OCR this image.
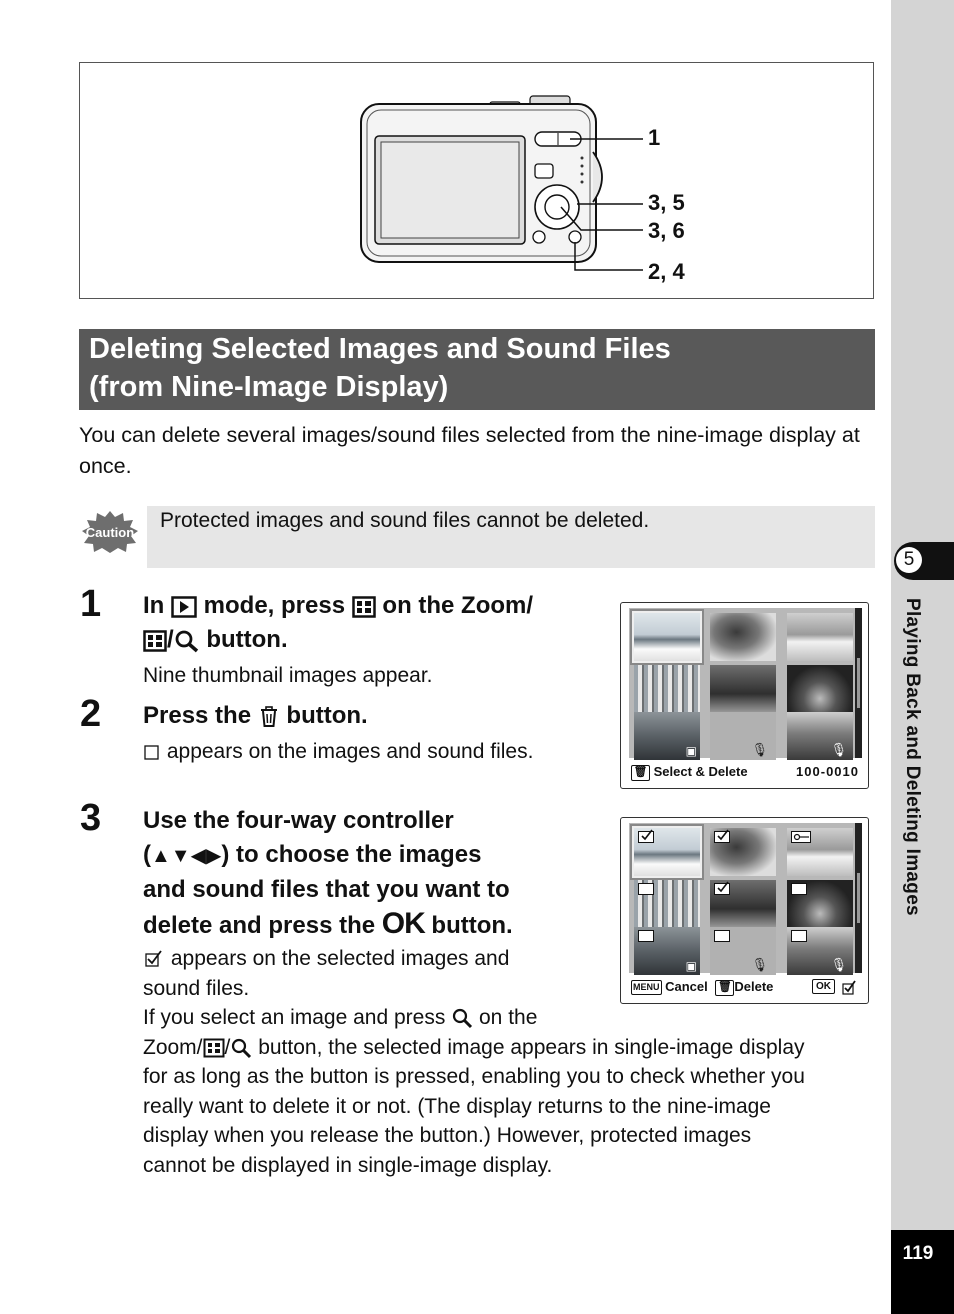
5
Playing Back and Deleting Images
119
1
3, 5
3, 6
2, 4
Deleting Selected Images and Sound Files
(from Nine-Image Display)
You can delete several images/sound files selected from the nine-image display at once.
Caution
Protected images and sound files cannot be deleted.
1 In  mode, press  on the Zoom/
/ button.
Nine thumbnail images appear.
2 Press the  button.
appears on the images and sound files.
3 Use the four-way controller
(▲▼◀▶) to choose the images
and sound files that you want to
delete and press the OK button.
appears on the selected images and
sound files.
If you select an image and press  on the
Zoom/ / button, the selected image appears in single-image display
for as long as the button is pressed, enabling you to check whether you
really want to delete it or not. (The display returns to the nine-image
display when you release the button.) However, protected images
cannot be displayed in single-image display.
▣	🎙	🎙
🗑 Select & Delete	100-0010
▣	🎙	🎙
MENU Cancel 🗑 Delete	OK
